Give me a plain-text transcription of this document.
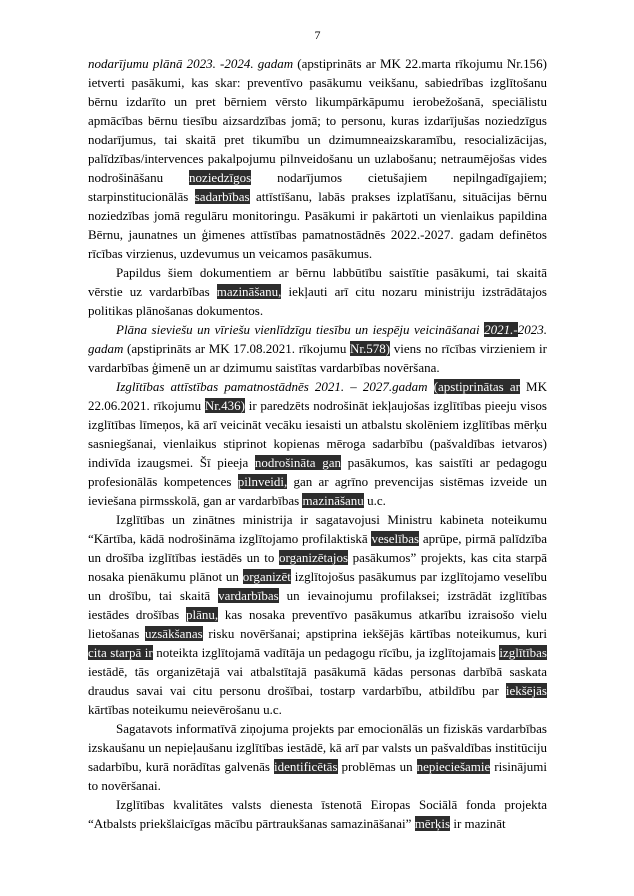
7

nodarījumu plānā 2023. -2024. gadam (apstiprināts ar MK 22.marta rīkojumu Nr.156) ietverti pasākumi, kas skar: preventīvo pasākumu veikšanu, sabiedrības izglītošanu bērnu izdarīto un pret bērniem vērsto likumpārkāpumu ierobežošanā, speciālistu apmācības bērnu tiesību aizsardzības jomā; to personu, kuras izdarījušas noziedzīgus nodarījumus, tai skaitā pret tikumību un dzimumneaizskaramību, resocializācijas, palīdzības/intervences pakalpojumu pilnveidošanu un uzlabošanu; netraumējošas vides nodrošināšanu noziedzīgos nodarījumos cietušajiem nepilngadīgajiem; starpinstitucionālās sadarbības attīstīšanu, labās prakses izplatīšanu, situācijas bērnu noziedzības jomā regulāru monitoringu. Pasākumi ir pakārtoti un vienlaikus papildina Bērnu, jaunatnes un ģimenes attīstības pamatnostādnēs 2022.-2027. gadam definētos rīcības virzienus, uzdevumus un veicamos pasākumus.

Papildus šiem dokumentiem ar bērnu labbūtību saistītie pasākumi, tai skaitā vērstie uz vardarbības mazināšanu, iekļauti arī citu nozaru ministriju izstrādātajos politikas plānošanas dokumentos.

Plāna sieviešu un vīriešu vienlīdzīgu tiesību un iespēju veicināšanai 2021.-2023. gadam (apstiprināts ar MK 17.08.2021. rīkojumu Nr.578) viens no rīcības virzieniem ir vardarbības ģimenē un ar dzimumu saistītas vardarbības novēršana.

Izglītības attīstības pamatnostādnēs 2021. – 2027.gadam (apstiprinātas ar MK 22.06.2021. rīkojumu Nr.436) ir paredzēts nodrošināt iekļaujošas izglītības pieeju visos izglītības līmeņos, kā arī veicināt vecāku iesaisti un atbalstu skolēniem izglītības mērķu sasniegšanai, vienlaikus stiprinot kopienas mēroga sadarbību (pašvaldības ietvaros) indivīda izaugsmei. Šī pieeja nodrošināta gan pasākumos, kas saistīti ar pedagogu profesionālās kompetences pilnveidi, gan ar agrīno prevencijas sistēmas izveide un ieviešana pirmsskolā, gan ar vardarbības mazināšanu u.c.

Izglītības un zinātnes ministrija ir sagatavojusi Ministru kabineta noteikumu “Kārtība, kādā nodrošināma izglītojamo profilaktiskā veselības aprūpe, pirmā palīdzība un drošība izglītības iestādēs un to organizētajos pasākumos” projekts, kas cita starpā nosaka pienākumu plānot un organizēt izglītojošus pasākumus par izglītojamo veselību un drošību, tai skaitā vardarbības un ievainojumu profilaksei; izstrādāt izglītības iestādes drošības plānu, kas nosaka preventīvo pasākumus atkarību izraisošo vielu lietošanas uzsākšanas risku novēršanai; apstiprina iekšējās kārtības noteikumus, kuri cita starpā ir noteikta izglītojamā vadītāja un pedagogu rīcību, ja izglītojamais izglītības iestādē, tās organizētajā vai atbalstītajā pasākumā kādas personas darbībā saskata draudus savai vai citu personu drošībai, tostarp vardarbību, atbildību par iekšējās kārtības noteikumu neievērošanu u.c.

Sagatavots informatīvā ziņojuma projekts par emocionālās un fiziskās vardarbības izskaušanu un nepieļaušanu izglītības iestādē, kā arī par valsts un pašvaldības institūciju sadarbību, kurā norādītas galvenās identificētās problēmas un nepieciešamie risinājumi to novēršanai.

Izglītības kvalitātes valsts dienesta īstenotā Eiropas Sociālā fonda projekta “Atbalsts priekšlaicīgas mācību pārtraukšanas samazināšanai” mērķis ir mazināt
